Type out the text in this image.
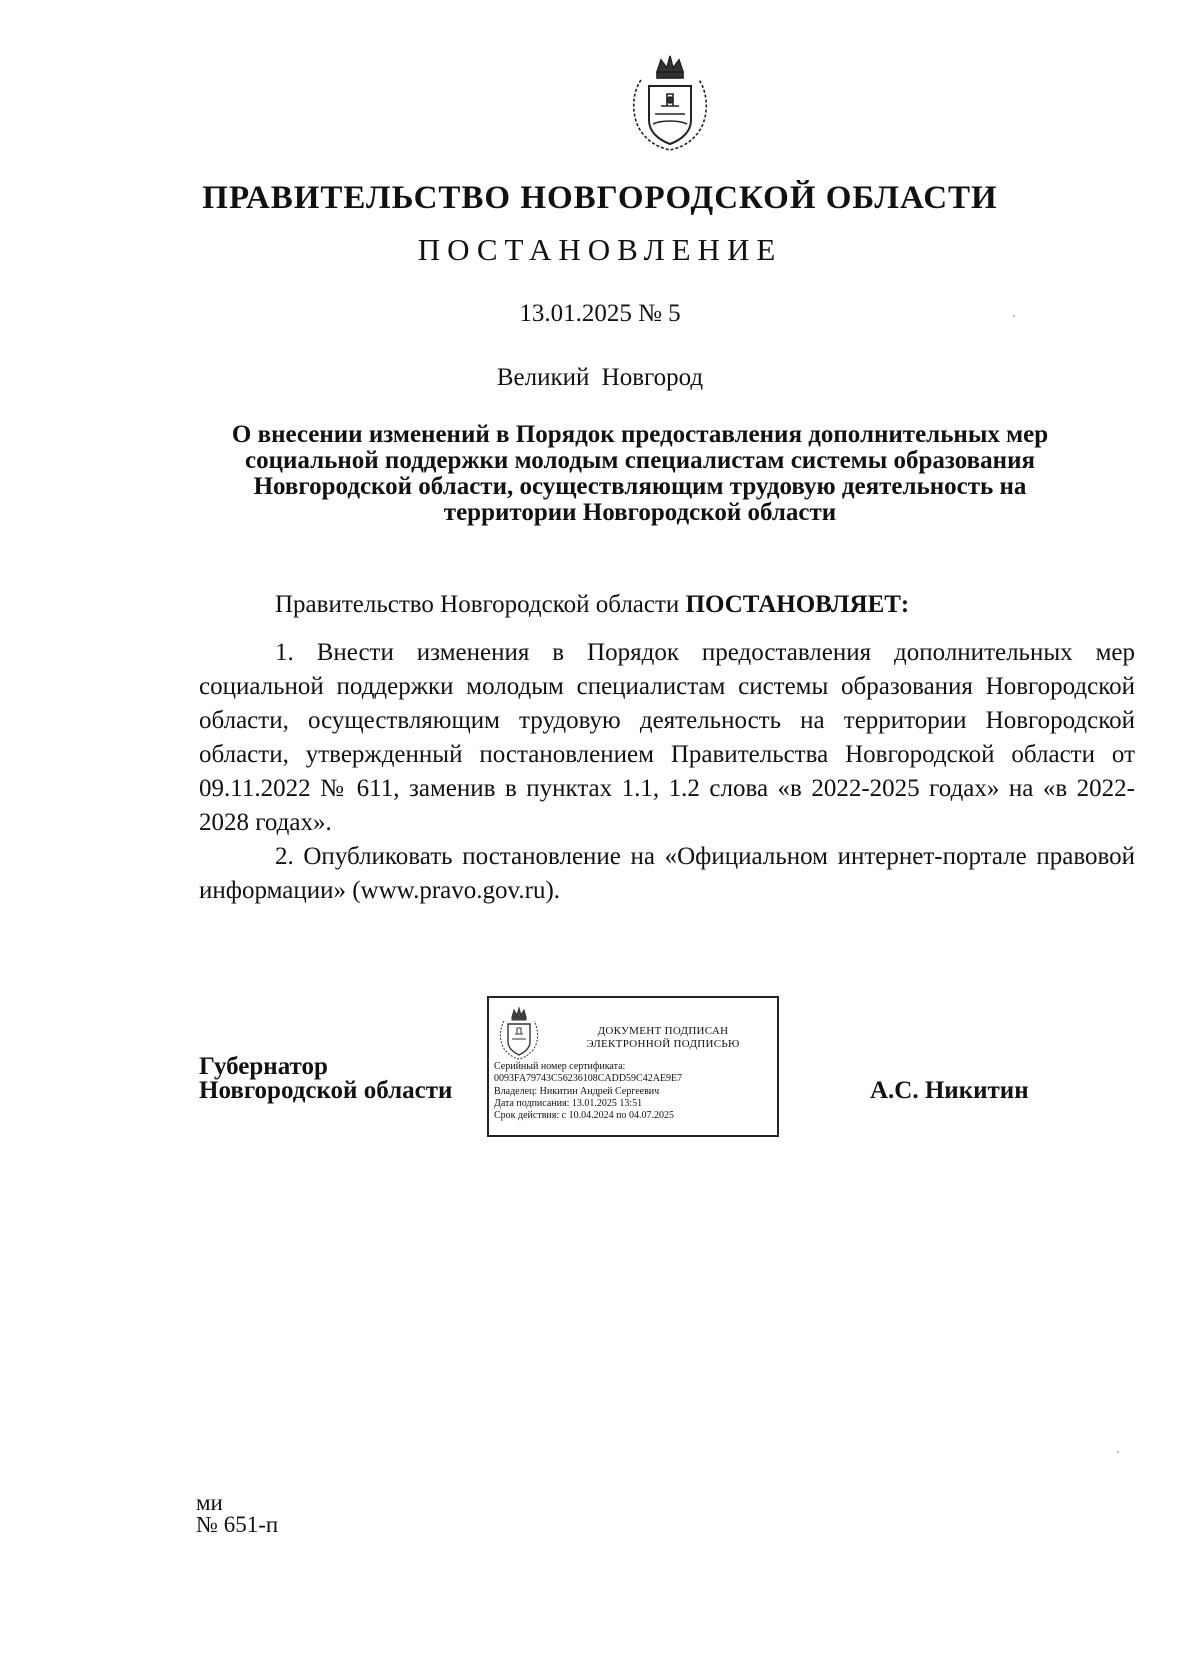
ПРАВИТЕЛЬСТВО НОВГОРОДСКОЙ ОБЛАСТИ
ПОСТАНОВЛЕНИЕ
13.01.2025 № 5
Великий Новгород
О внесении изменений в Порядок предоставления дополнительных мер социальной поддержки молодым специалистам системы образования Новгородской области, осуществляющим трудовую деятельность на территории Новгородской области
Правительство Новгородской области ПОСТАНОВЛЯЕТ:

1. Внести изменения в Порядок предоставления дополнительных мер социальной поддержки молодым специалистам системы образования Новгородской области, осуществляющим трудовую деятельность на территории Новгородской области, утвержденный постановлением Правительства Новгородской области от 09.11.2022 № 611, заменив в пунктах 1.1, 1.2 слова «в 2022-2025 годах» на «в 2022-2028 годах».

2. Опубликовать постановление на «Официальном интернет-портале правовой информации» (www.pravo.gov.ru).

Губернатор
Новгородской области
ДОКУМЕНТ ПОДПИСАН
ЭЛЕКТРОННОЙ ПОДПИСЬЮ
Серийный номер сертификата:
0093FA79743C56236108CADD59C42AE9E7
Владелец: Никитин Андрей Сергеевич
Дата подписания: 13.01.2025 13:51
Срок действия: с 10.04.2024 по 04.07.2025
А.С. Никитин
ми
№ 651-п
